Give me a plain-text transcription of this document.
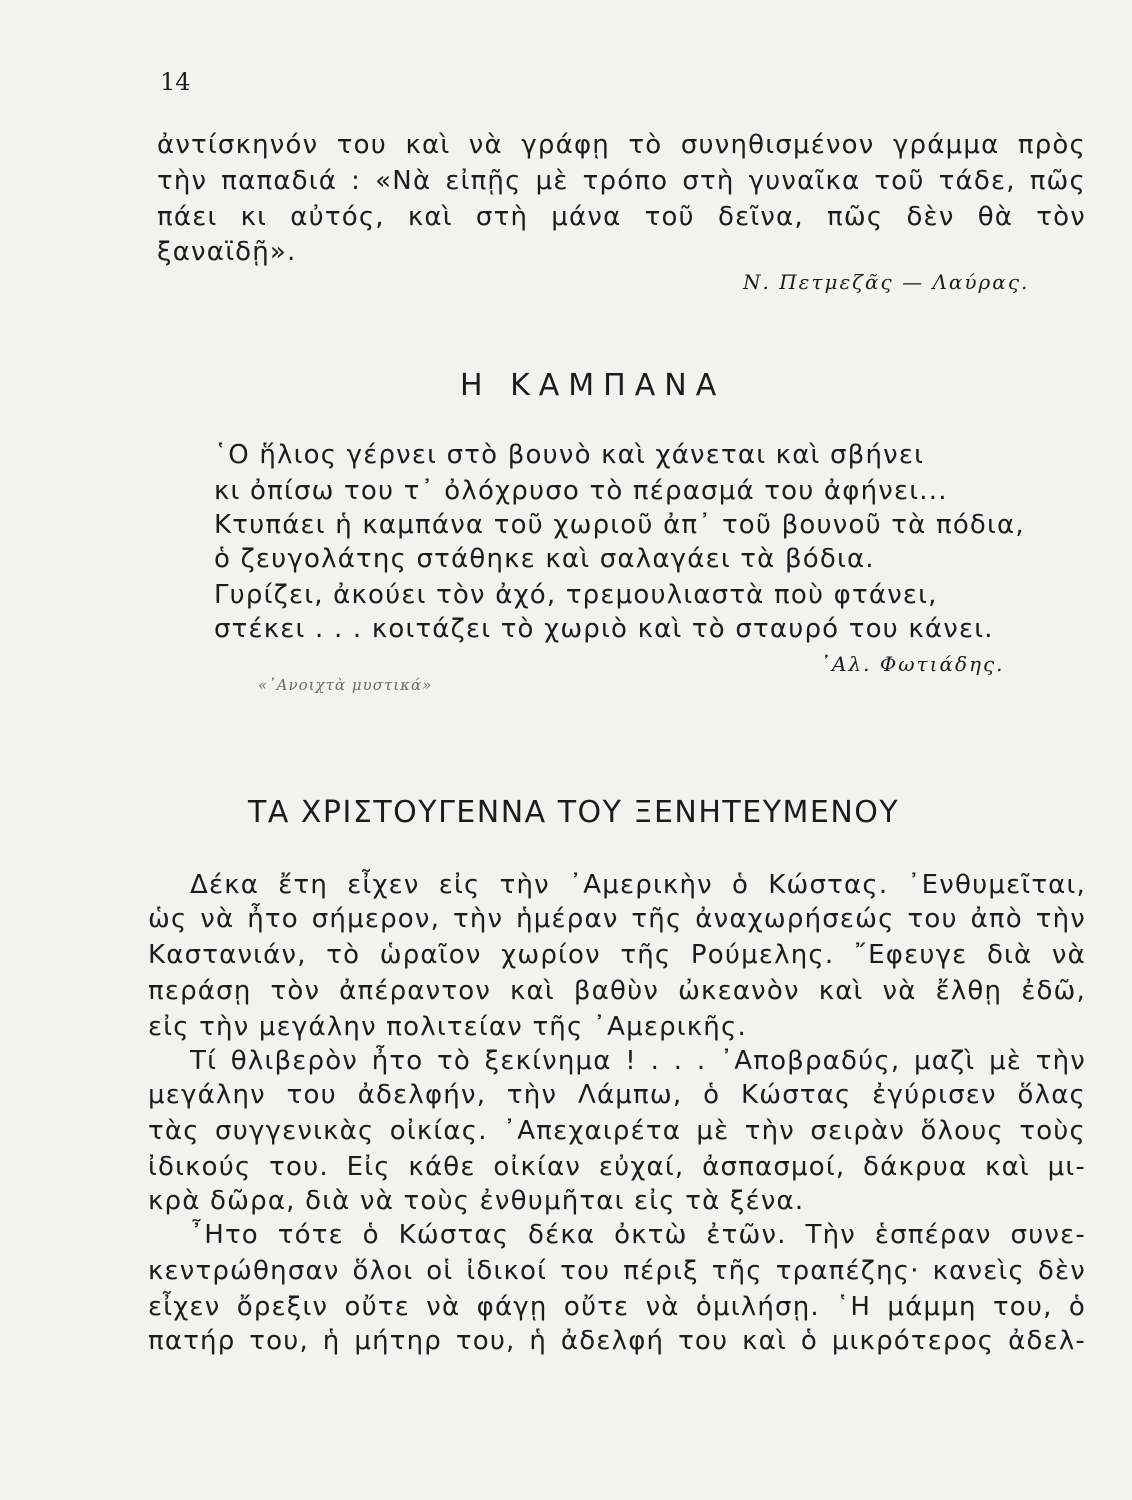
14
ἀντίσκηνόν του καὶ νὰ γράφῃ τὸ συνηθισμένον γράμμα πρὸς
τὴν παπαδιά : «Νὰ εἰπῇς μὲ τρόπο στὴ γυναῖκα τοῦ τάδε, πῶς
πάει κι αὐτός, καὶ στὴ μάνα τοῦ δεῖνα, πῶς δὲν θὰ τὸν
ξαναϊδῇ».
Ν. Πετμεζᾶς — Λαύρας.
Η ΚΑΜΠΑΝΑ
῾Ο ἥλιος γέρνει στὸ βουνὸ καὶ χάνεται καὶ σβήνει
κι ὀπίσω του τ᾽ ὀλόχρυσο τὸ πέρασμά του ἀφήνει...
Κτυπάει ἡ καμπάνα τοῦ χωριοῦ ἀπ᾽ τοῦ βουνοῦ τὰ πόδια,
ὁ ζευγολάτης στάθηκε καὶ σαλαγάει τὰ βόδια.
Γυρίζει, ἀκούει τὸν ἀχό, τρεμουλιαστὰ ποὺ φτάνει,
στέκει . . . κοιτάζει τὸ χωριὸ καὶ τὸ σταυρό του κάνει.
᾽Αλ. Φωτιάδης.
«᾽Ανοιχτὰ μυστικά»
ΤΑ ΧΡΙΣΤΟΥΓΕΝΝΑ ΤΟΥ ΞΕΝΗΤΕΥΜΕΝΟΥ
Δέκα ἔτη εἶχεν εἰς τὴν ᾽Αμερικὴν ὁ Κώστας. ᾽Ενθυμεῖται,
ὡς νὰ ἦτο σήμερον, τὴν ἡμέραν τῆς ἀναχωρήσεώς του ἀπὸ τὴν
Καστανιάν, τὸ ὡραῖον χωρίον τῆς Ρούμελης. ῎Εφευγε διὰ νὰ
περάσῃ τὸν ἀπέραντον καὶ βαθὺν ὠκεανὸν καὶ νὰ ἔλθῃ ἐδῶ,
εἰς τὴν μεγάλην πολιτείαν τῆς ᾽Αμερικῆς.
Τί θλιβερὸν ἦτο τὸ ξεκίνημα ! . . . ᾽Αποβραδύς, μαζὶ μὲ τὴν
μεγάλην του ἀδελφήν, τὴν Λάμπω, ὁ Κώστας ἐγύρισεν ὅλας
τὰς συγγενικὰς οἰκίας. ᾽Απεχαιρέτα μὲ τὴν σειρὰν ὅλους τοὺς
ἰδικούς του. Εἰς κάθε οἰκίαν εὐχαί, ἀσπασμοί, δάκρυα καὶ μι-
κρὰ δῶρα, διὰ νὰ τοὺς ἐνθυμῆται εἰς τὰ ξένα.
῏Ητο τότε ὁ Κώστας δέκα ὀκτὼ ἐτῶν. Τὴν ἑσπέραν συνε-
κεντρώθησαν ὅλοι οἱ ἰδικοί του πέριξ τῆς τραπέζης· κανεὶς δὲν
εἶχεν ὄρεξιν οὔτε νὰ φάγῃ οὔτε νὰ ὁμιλήσῃ. ῾Η μάμμη του, ὁ
πατήρ του, ἡ μήτηρ του, ἡ ἀδελφή του καὶ ὁ μικρότερος ἀδελ-
